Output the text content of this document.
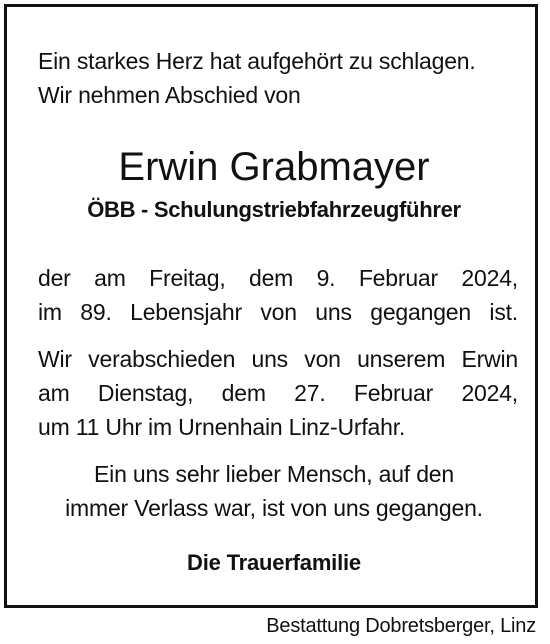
Ein starkes Herz hat aufgehört zu schlagen.
Wir nehmen Abschied von
Erwin Grabmayer
ÖBB - Schulungstriebfahrzeugführer
der am Freitag, dem 9. Februar 2024,
im 89. Lebensjahr von uns gegangen ist.
Wir verabschieden uns von unserem Erwin
am Dienstag, dem 27. Februar 2024,
um 11 Uhr im Urnenhain Linz-Urfahr.
Ein uns sehr lieber Mensch, auf den
immer Verlass war, ist von uns gegangen.
Die Trauerfamilie
Bestattung Dobretsberger, Linz
